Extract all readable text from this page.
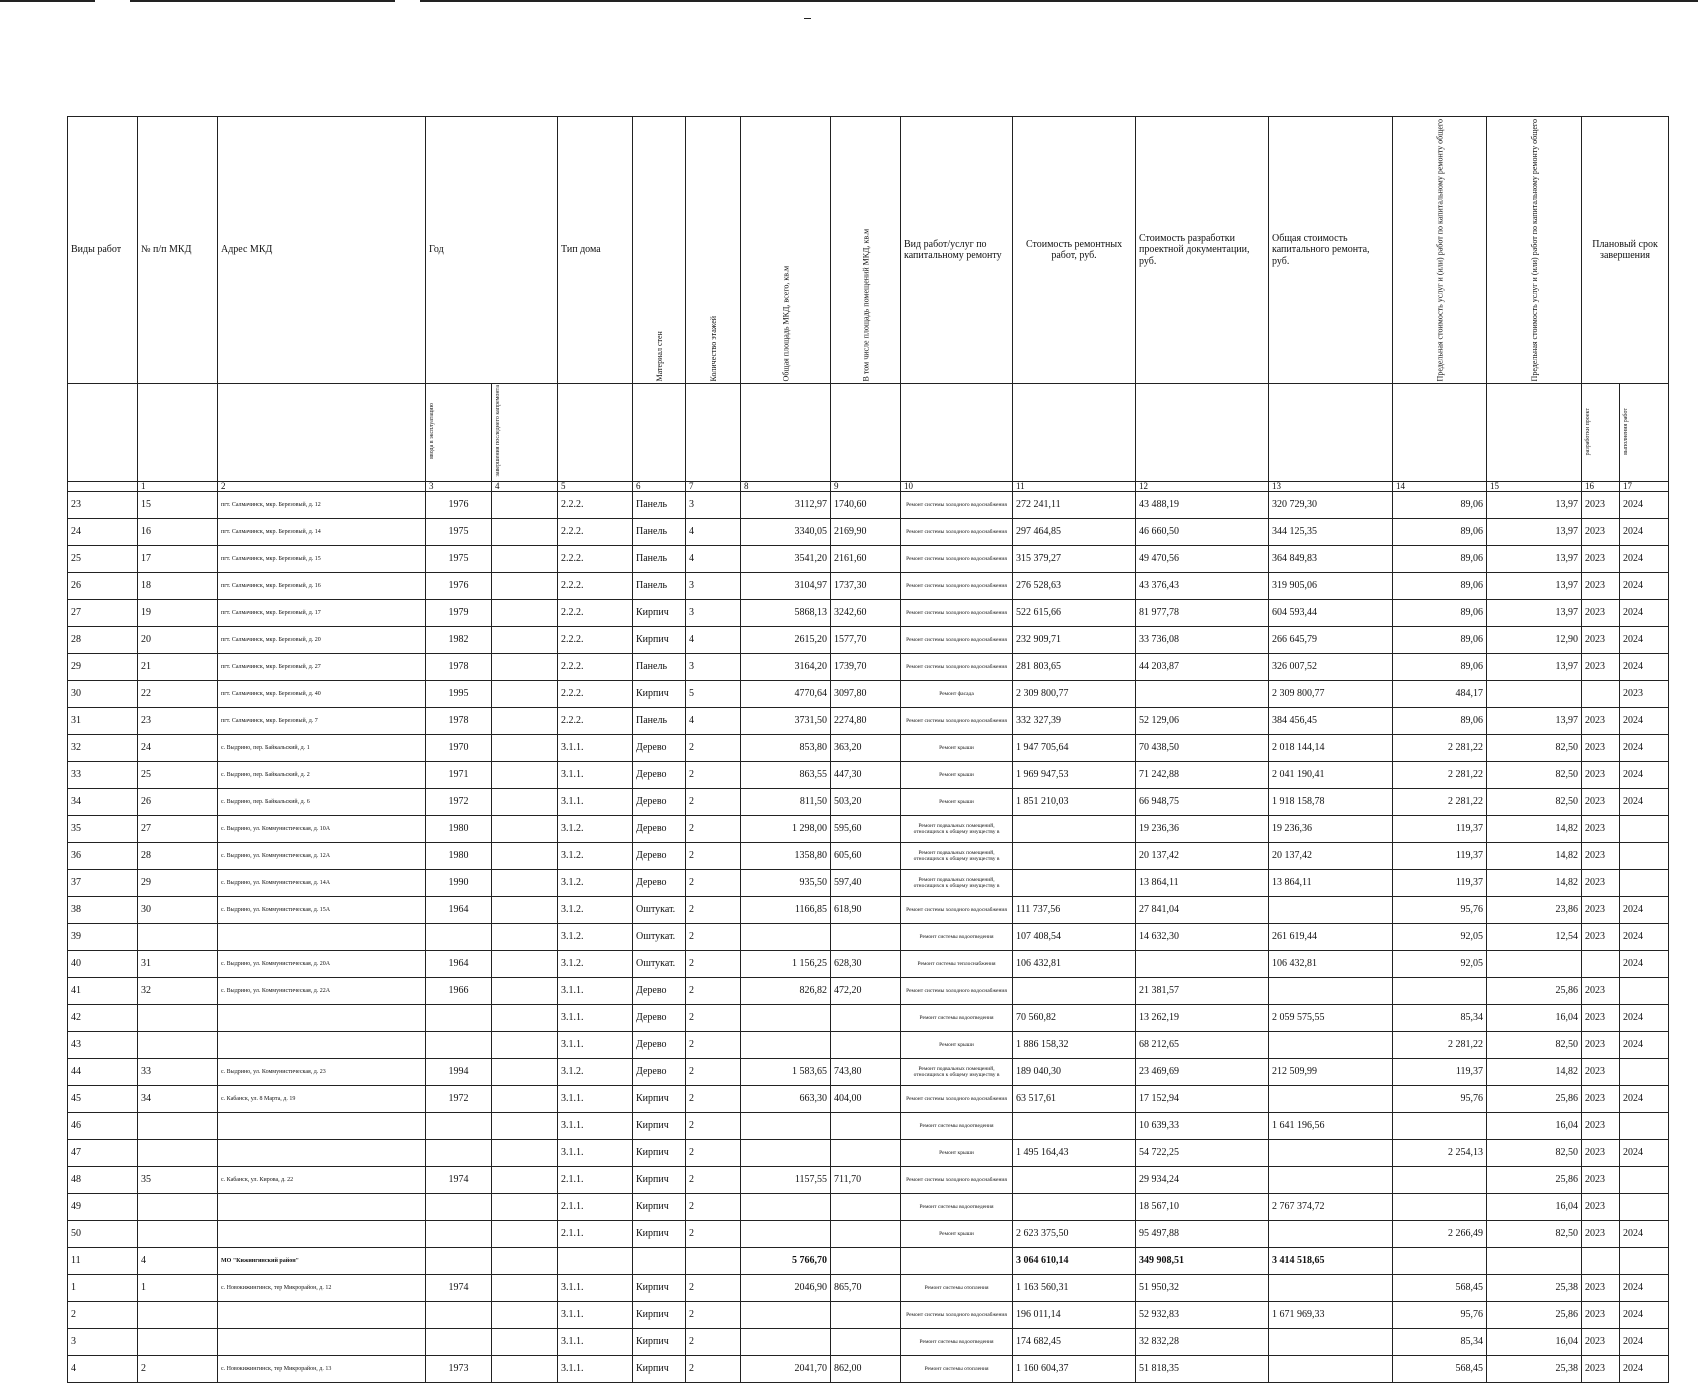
Виды работ	№ п/п МКД	Адрес МКД	Год		Тип дома	Материал стен	Количество этажей	Общая площадь МКД, всего, кв.м	В том числе площадь помещений МКД, кв.м	Вид работ/услуг по капитальному ремонту	Стоимость ремонтных работ, руб.	Стоимость разработки проектной документации, руб.	Общая стоимость капитального ремонта, руб.	Предельная стоимость услуг и (или) работ по капитальному ремонту общего	Предельная стоимость услуг и (или) работ по капитальному ремонту общего	Плановый срок завершения	
			ввода в эксплуатацию	завершения последнего капремонта												разработки проект	выполнения работ
	1	2	3	4	5	6	7	8	9	10	11	12	13	14	15	16	17
23	15	пгт. Салмачинск, мкр. Березовый, д. 12	1976		2.2.2.	Панель	3	3112,97	1740,60	Ремонт системы холодного водоснабжения	272 241,11	43 488,19	320 729,30	89,06	13,97	2023	2024
24	16	пгт. Салмачинск, мкр. Березовый, д. 14	1975		2.2.2.	Панель	4	3340,05	2169,90	Ремонт системы холодного водоснабжения	297 464,85	46 660,50	344 125,35	89,06	13,97	2023	2024
25	17	пгт. Салмачинск, мкр. Березовый, д. 15	1975		2.2.2.	Панель	4	3541,20	2161,60	Ремонт системы холодного водоснабжения	315 379,27	49 470,56	364 849,83	89,06	13,97	2023	2024
26	18	пгт. Салмачинск, мкр. Березовый, д. 16	1976		2.2.2.	Панель	3	3104,97	1737,30	Ремонт системы холодного водоснабжения	276 528,63	43 376,43	319 905,06	89,06	13,97	2023	2024
27	19	пгт. Салмачинск, мкр. Березовый, д. 17	1979		2.2.2.	Кирпич	3	5868,13	3242,60	Ремонт системы холодного водоснабжения	522 615,66	81 977,78	604 593,44	89,06	13,97	2023	2024
28	20	пгт. Салмачинск, мкр. Березовый, д. 20	1982		2.2.2.	Кирпич	4	2615,20	1577,70	Ремонт системы холодного водоснабжения	232 909,71	33 736,08	266 645,79	89,06	12,90	2023	2024
29	21	пгт. Салмачинск, мкр. Березовый, д. 27	1978		2.2.2.	Панель	3	3164,20	1739,70	Ремонт системы холодного водоснабжения	281 803,65	44 203,87	326 007,52	89,06	13,97	2023	2024
30	22	пгт. Салмачинск, мкр. Березовый, д. 40	1995		2.2.2.	Кирпич	5	4770,64	3097,80	Ремонт фасада	2 309 800,77		2 309 800,77	484,17			2023
31	23	пгт. Салмачинск, мкр. Березовый, д. 7	1978		2.2.2.	Панель	4	3731,50	2274,80	Ремонт системы холодного водоснабжения	332 327,39	52 129,06	384 456,45	89,06	13,97	2023	2024
32	24	с. Выдрино, пер. Байкальский, д. 1	1970		3.1.1.	Дерево	2	853,80	363,20	Ремонт крыши	1 947 705,64	70 438,50	2 018 144,14	2 281,22	82,50	2023	2024
33	25	с. Выдрино, пер. Байкальский, д. 2	1971		3.1.1.	Дерево	2	863,55	447,30	Ремонт крыши	1 969 947,53	71 242,88	2 041 190,41	2 281,22	82,50	2023	2024
34	26	с. Выдрино, пер. Байкальский, д. 6	1972		3.1.1.	Дерево	2	811,50	503,20	Ремонт крыши	1 851 210,03	66 948,75	1 918 158,78	2 281,22	82,50	2023	2024
35	27	с. Выдрино, ул. Коммунистическая, д. 10А	1980		3.1.2.	Дерево	2	1 298,00	595,60	Ремонт подвальных помещений, относящихся к общему имуществу в		19 236,36	19 236,36	119,37	14,82	2023	
36	28	с. Выдрино, ул. Коммунистическая, д. 12А	1980		3.1.2.	Дерево	2	1358,80	605,60	Ремонт подвальных помещений, относящихся к общему имуществу в		20 137,42	20 137,42	119,37	14,82	2023	
37	29	с. Выдрино, ул. Коммунистическая, д. 14А	1990		3.1.2.	Дерево	2	935,50	597,40	Ремонт подвальных помещений, относящихся к общему имуществу в		13 864,11	13 864,11	119,37	14,82	2023	
38	30	с. Выдрино, ул. Коммунистическая, д. 15А	1964		3.1.2.	Оштукат.	2	1166,85	618,90	Ремонт системы холодного водоснабжения	111 737,56	27 841,04		95,76	23,86	2023	2024
39					3.1.2.	Оштукат.	2			Ремонт системы водоотведения	107 408,54	14 632,30	261 619,44	92,05	12,54	2023	2024
40	31	с. Выдрино, ул. Коммунистическая, д. 20А	1964		3.1.2.	Оштукат.	2	1 156,25	628,30	Ремонт системы теплоснабжения	106 432,81		106 432,81	92,05			2024
41	32	с. Выдрино, ул. Коммунистическая, д. 22А	1966		3.1.1.	Дерево	2	826,82	472,20	Ремонт системы холодного водоснабжения		21 381,57			25,86	2023	
42					3.1.1.	Дерево	2			Ремонт системы водоотведения	70 560,82	13 262,19	2 059 575,55	85,34	16,04	2023	2024
43					3.1.1.	Дерево	2			Ремонт крыши	1 886 158,32	68 212,65		2 281,22	82,50	2023	2024
44	33	с. Выдрино, ул. Коммунистическая, д. 23	1994		3.1.2.	Дерево	2	1 583,65	743,80	Ремонт подвальных помещений, относящихся к общему имуществу в	189 040,30	23 469,69	212 509,99	119,37	14,82	2023	
45	34	с. Кабанск, ул. 8 Марта, д. 19	1972		3.1.1.	Кирпич	2	663,30	404,00	Ремонт системы холодного водоснабжения	63 517,61	17 152,94		95,76	25,86	2023	2024
46					3.1.1.	Кирпич	2			Ремонт системы водоотведения		10 639,33	1 641 196,56		16,04	2023	
47					3.1.1.	Кирпич	2			Ремонт крыши	1 495 164,43	54 722,25		2 254,13	82,50	2023	2024
48	35	с. Кабанск, ул. Кирова, д. 22	1974		2.1.1.	Кирпич	2	1157,55	711,70	Ремонт системы холодного водоснабжения		29 934,24			25,86	2023	
49					2.1.1.	Кирпич	2			Ремонт системы водоотведения		18 567,10	2 767 374,72		16,04	2023	
50					2.1.1.	Кирпич	2			Ремонт крыши	2 623 375,50	95 497,88		2 266,49	82,50	2023	2024
11	4	МО "Кижингинский район"						5 766,70			3 064 610,14	349 908,51	3 414 518,65				
1	1	с. Новокижингинск, тер Микрорайон, д. 12	1974		3.1.1.	Кирпич	2	2046,90	865,70	Ремонт системы отопления	1 163 560,31	51 950,32		568,45	25,38	2023	2024
2					3.1.1.	Кирпич	2			Ремонт системы холодного водоснабжения	196 011,14	52 932,83	1 671 969,33	95,76	25,86	2023	2024
3					3.1.1.	Кирпич	2			Ремонт системы водоотведения	174 682,45	32 832,28		85,34	16,04	2023	2024
4	2	с. Новокижингинск, тер Микрорайон, д. 13	1973		3.1.1.	Кирпич	2	2041,70	862,00	Ремонт системы отопления	1 160 604,37	51 818,35		568,45	25,38	2023	2024
